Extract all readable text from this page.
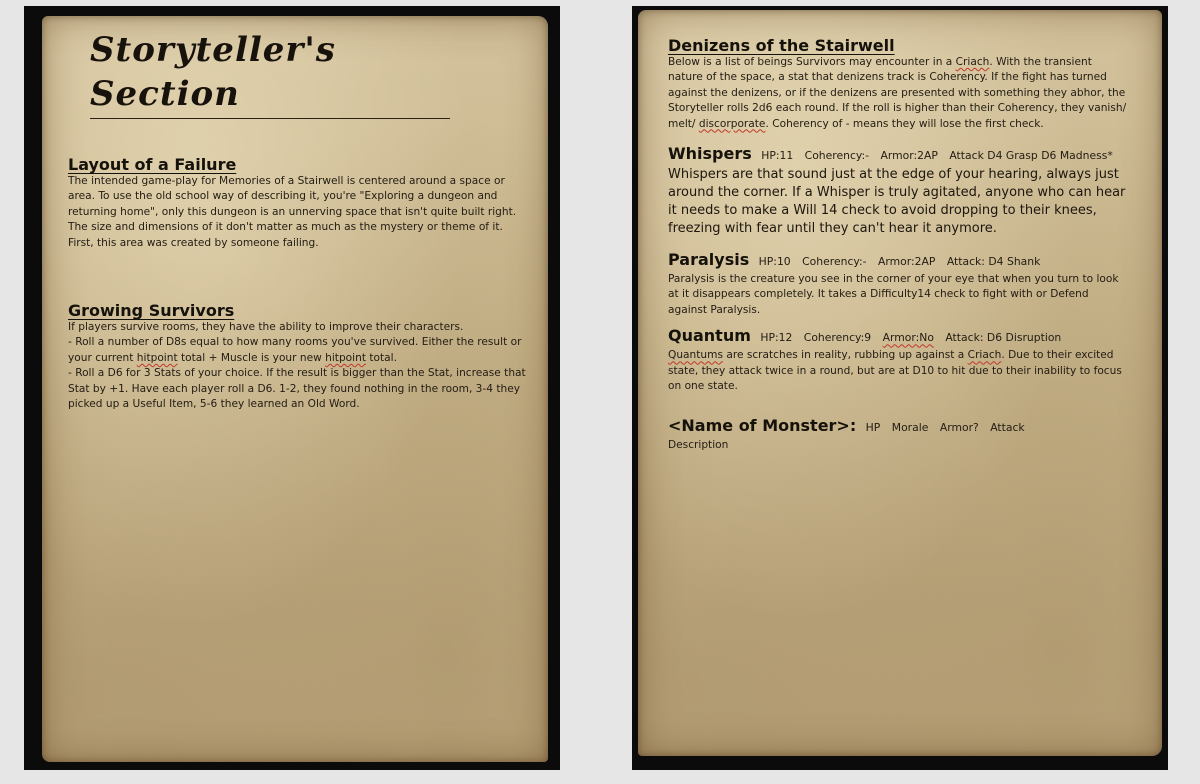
Storyteller's Section
Layout of a Failure

The intended game-play for Memories of a Stairwell is centered around a space or area. To use the old school way of describing it, you're "Exploring a dungeon and returning home", only this dungeon is an unnerving space that isn't quite built right. The size and dimensions of it don't matter as much as the mystery or theme of it. First, this area was created by someone failing.

Growing Survivors

If players survive rooms, they have the ability to improve their characters.

- Roll a number of D8s equal to how many rooms you've survived. Either the result or your current hitpoint total + Muscle is your new hitpoint total.

- Roll a D6 for 3 Stats of your choice. If the result is bigger than the Stat, increase that Stat by +1. Have each player roll a D6. 1-2, they found nothing in the room, 3-4 they picked up a Useful Item, 5-6 they learned an Old Word.

Denizens of the Stairwell

Below is a list of beings Survivors may encounter in a Criach. With the transient nature of the space, a stat that denizens track is Coherency. If the fight has turned against the denizens, or if the denizens are presented with something they abhor, the Storyteller rolls 2d6 each round. If the roll is higher than their Coherency, they vanish/ melt/ discorporate. Coherency of - means they will lose the first check.

Whispers HP:11 Coherency:- Armor:2AP Attack D4 Grasp D6 Madness*

Whispers are that sound just at the edge of your hearing, always just around the corner. If a Whisper is truly agitated, anyone who can hear it needs to make a Will 14 check to avoid dropping to their knees, freezing with fear until they can't hear it anymore.

Paralysis HP:10 Coherency:- Armor:2AP Attack: D4 Shank

Paralysis is the creature you see in the corner of your eye that when you turn to look at it disappears completely. It takes a Difficulty14 check to fight with or Defend against Paralysis.

Quantum HP:12 Coherency:9 Armor:No Attack: D6 Disruption

Quantums are scratches in reality, rubbing up against a Criach. Due to their excited state, they attack twice in a round, but are at D10 to hit due to their inability to focus on one state.

<Name of Monster>: HP Morale Armor? Attack

Description
